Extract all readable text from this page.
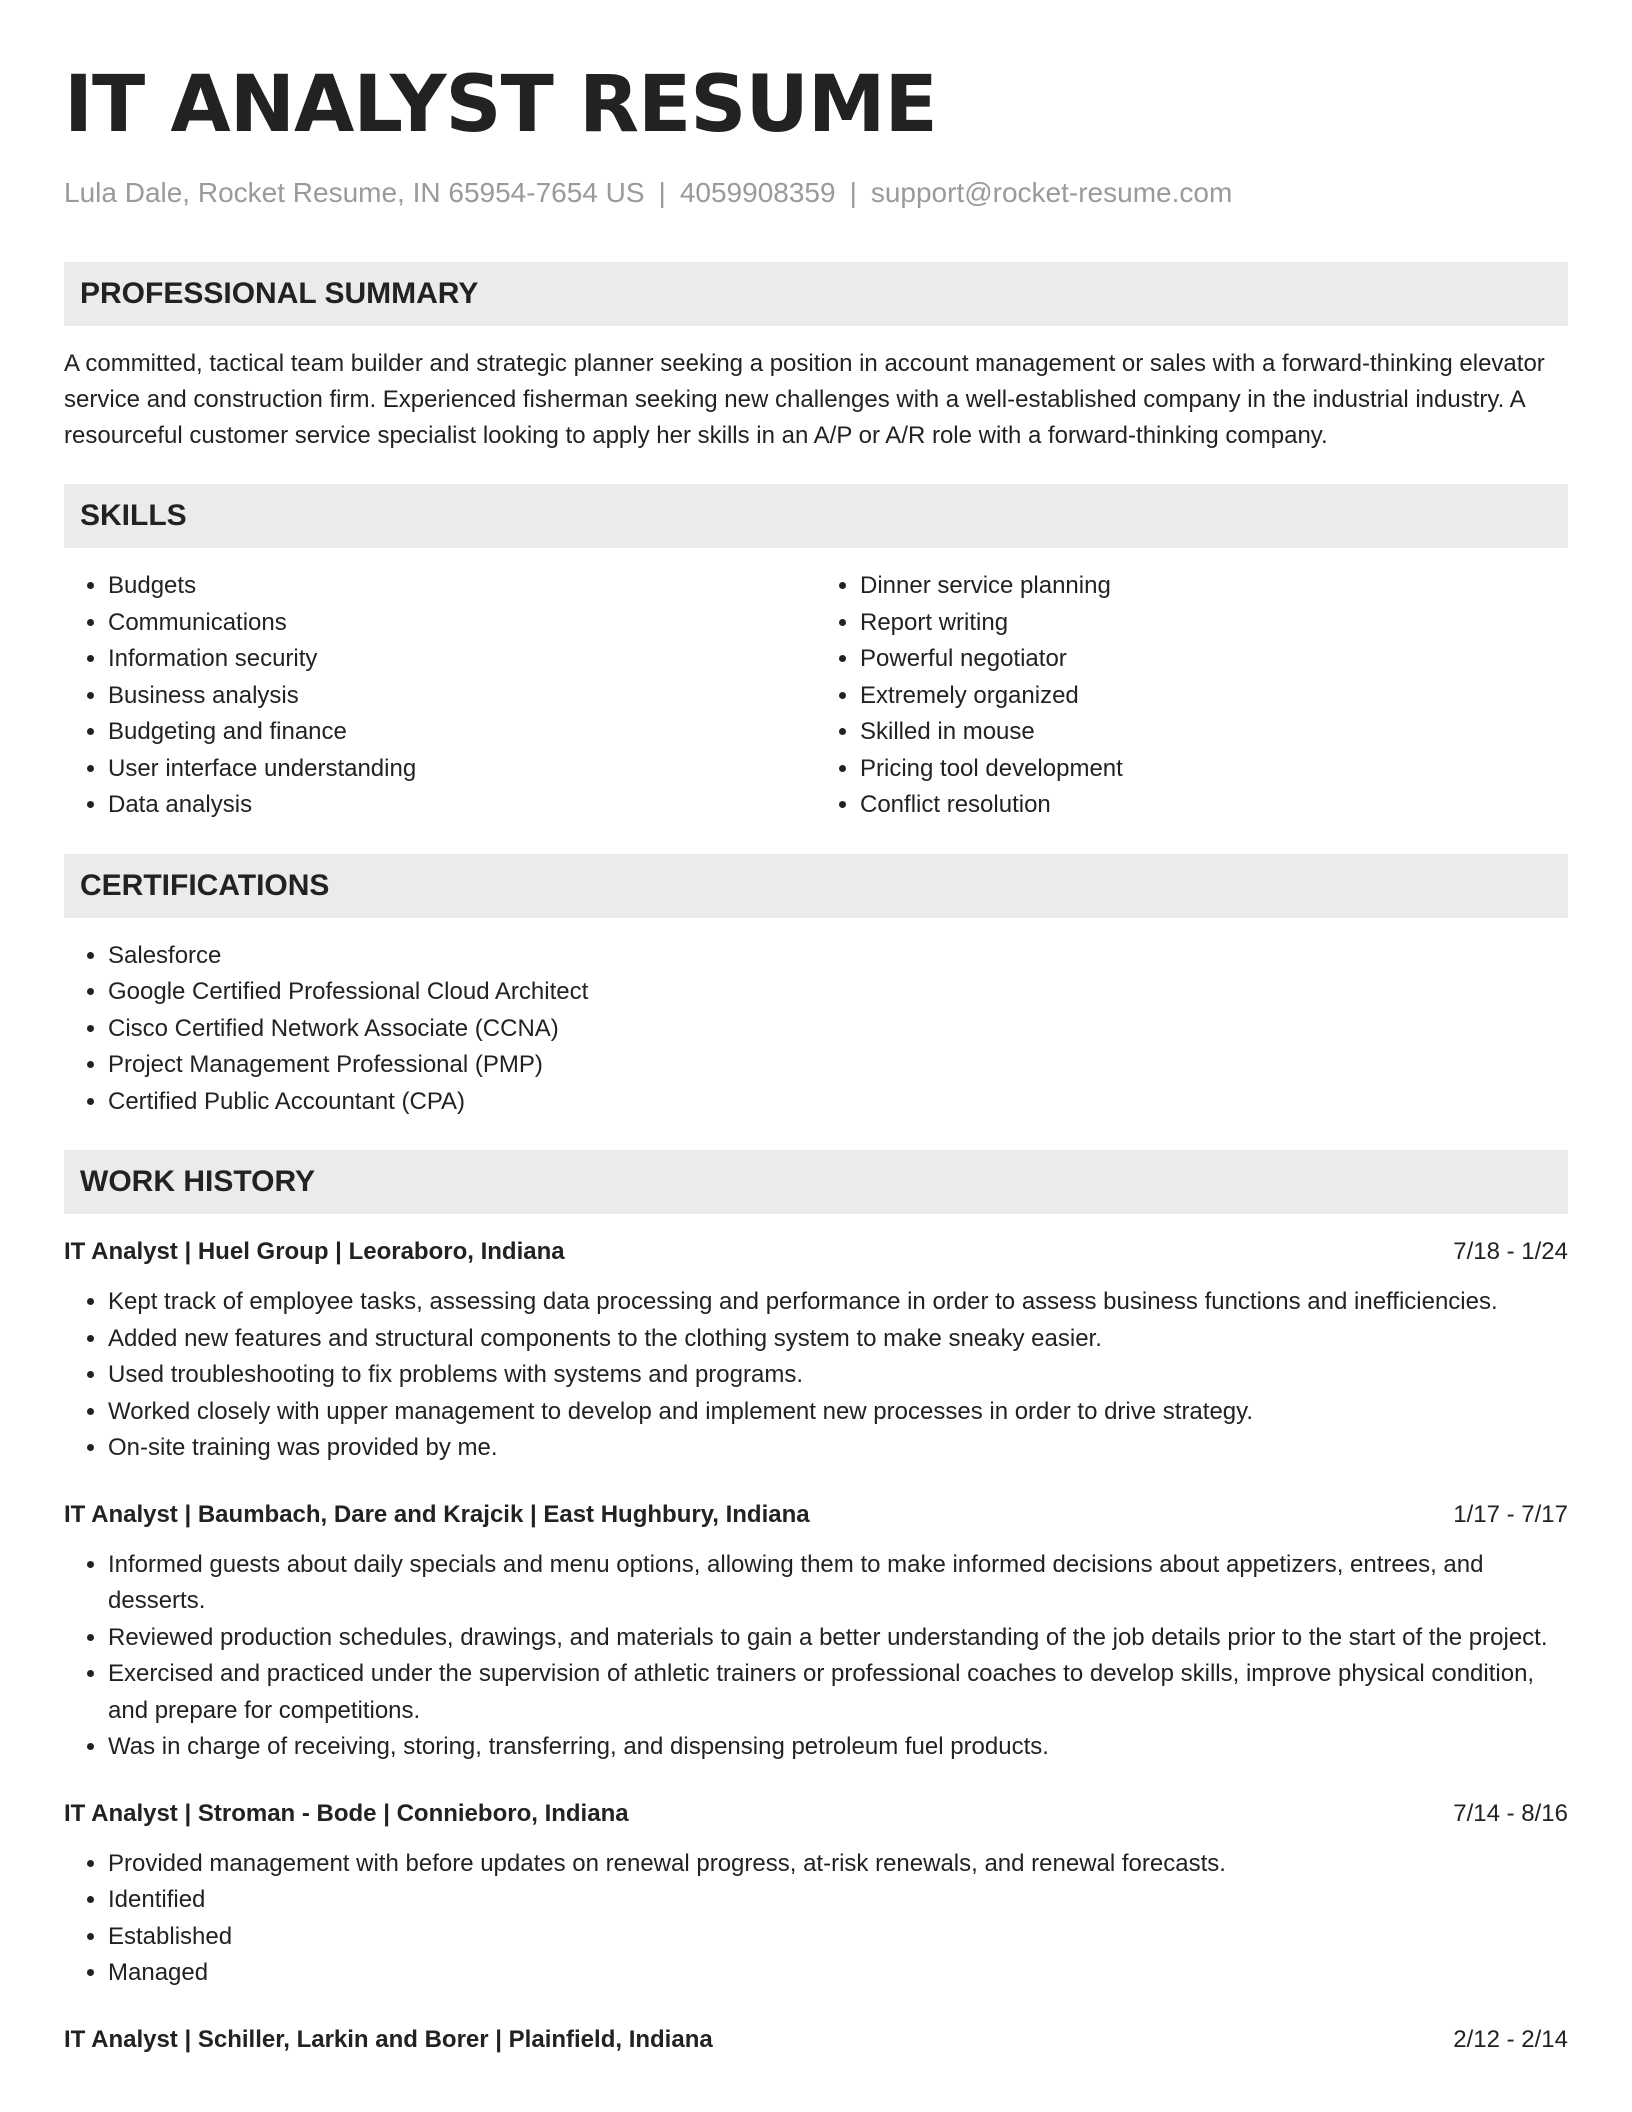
IT ANALYST RESUME
Lula Dale, Rocket Resume, IN 65954-7654 US | 4059908359 | support@rocket-resume.com
PROFESSIONAL SUMMARY

A committed, tactical team builder and strategic planner seeking a position in account management or sales with a forward-thinking elevator service and construction firm. Experienced fisherman seeking new challenges with a well-established company in the industrial industry. A resourceful customer service specialist looking to apply her skills in an A/P or A/R role with a forward-thinking company.

SKILLS
• Budgets
• Communications
• Information security
• Business analysis
• Budgeting and finance
• User interface understanding
• Data analysis
• Dinner service planning
• Report writing
• Powerful negotiator
• Extremely organized
• Skilled in mouse
• Pricing tool development
• Conflict resolution
CERTIFICATIONS
• Salesforce
• Google Certified Professional Cloud Architect
• Cisco Certified Network Associate (CCNA)
• Project Management Professional (PMP)
• Certified Public Accountant (CPA)
WORK HISTORY
IT Analyst | Huel Group | Leoraboro, Indiana	7/18 - 1/24
• Kept track of employee tasks, assessing data processing and performance in order to assess business functions and inefficiencies.
• Added new features and structural components to the clothing system to make sneaky easier.
• Used troubleshooting to fix problems with systems and programs.
• Worked closely with upper management to develop and implement new processes in order to drive strategy.
• On-site training was provided by me.
IT Analyst | Baumbach, Dare and Krajcik | East Hughbury, Indiana	1/17 - 7/17
• Informed guests about daily specials and menu options, allowing them to make informed decisions about appetizers, entrees, and desserts.
• Reviewed production schedules, drawings, and materials to gain a better understanding of the job details prior to the start of the project.
• Exercised and practiced under the supervision of athletic trainers or professional coaches to develop skills, improve physical condition, and prepare for competitions.
• Was in charge of receiving, storing, transferring, and dispensing petroleum fuel products.
IT Analyst | Stroman - Bode | Connieboro, Indiana	7/14 - 8/16
• Provided management with before updates on renewal progress, at-risk renewals, and renewal forecasts.
• Identified
• Established
• Managed
IT Analyst | Schiller, Larkin and Borer | Plainfield, Indiana	2/12 - 2/14
